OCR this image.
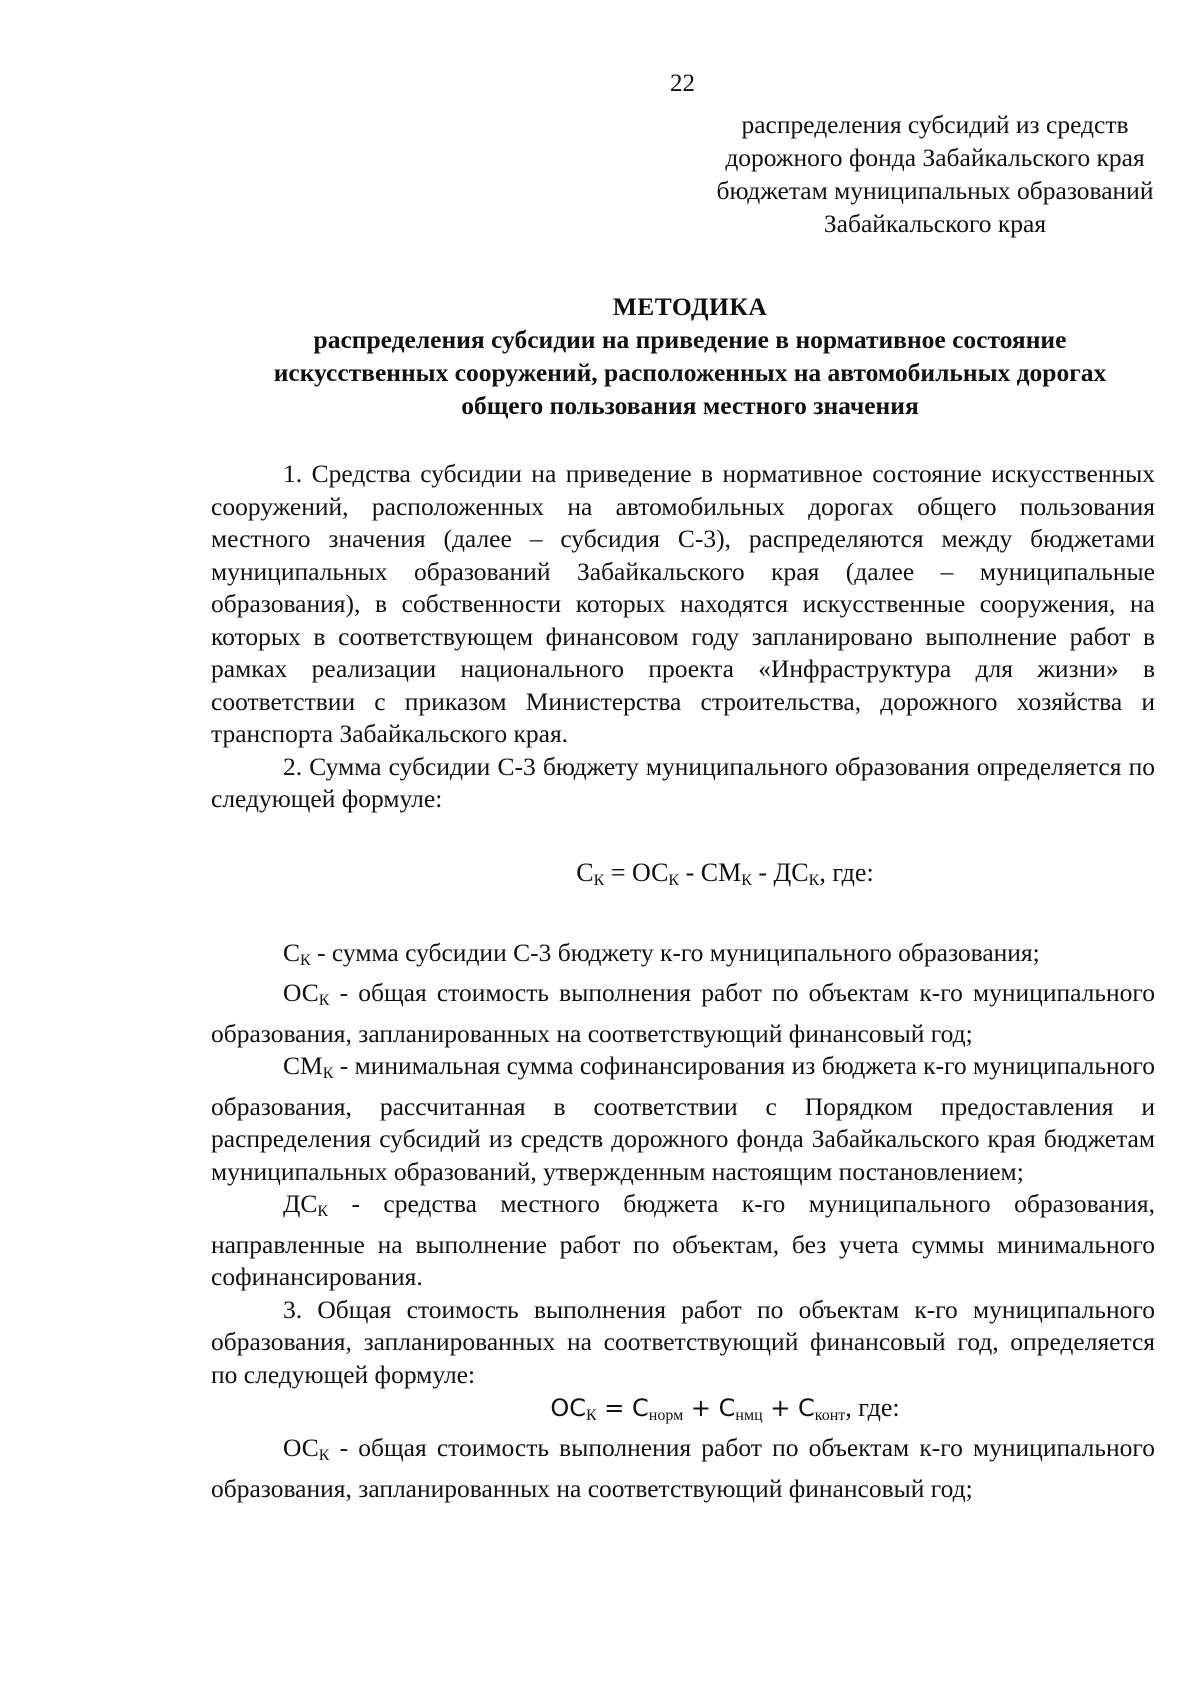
22
распределения субсидий из средств
дорожного фонда Забайкальского края
бюджетам муниципальных образований
Забайкальского края
МЕТОДИКА
распределения субсидии на приведение в нормативное состояние
искусственных сооружений, расположенных на автомобильных дорогах
общего пользования местного значения

1. Средства субсидии на приведение в нормативное состояние искусственных сооружений, расположенных на автомобильных дорогах общего пользования местного значения (далее – субсидия С-3), распределяются между бюджетами муниципальных образований Забайкальского края (далее – муниципальные образования), в собственности которых находятся искусственные сооружения, на которых в соответствующем финансовом году запланировано выполнение работ в рамках реализации национального проекта «Инфраструктура для жизни» в соответствии с приказом Министерства строительства, дорожного хозяйства и транспорта Забайкальского края.

2. Сумма субсидии С-3 бюджету муниципального образования определяется по следующей формуле:

$С_К = ОС_К - СМ_К - ДС_К$, где:

$С_К$ - сумма субсидии С-3 бюджету к-го муниципального образования;

$ОС_К$ - общая стоимость выполнения работ по объектам к-го муниципального образования, запланированных на соответствующий финансовый год;

$СМ_К$ - минимальная сумма софинансирования из бюджета к-го муниципального образования, рассчитанная в соответствии с Порядком предоставления и распределения субсидий из средств дорожного фонда Забайкальского края бюджетам муниципальных образований, утвержденным настоящим постановлением;

$ДС_К$ - средства местного бюджета к-го муниципального образования, направленные на выполнение работ по объектам, без учета суммы минимального софинансирования.

3. Общая стоимость выполнения работ по объектам к-го муниципального образования, запланированных на соответствующий финансовый год, определяется по следующей формуле:

$ОС_К = С_{норм} + С_{нмц} + С_{конт}$, где:

$ОС_К$ - общая стоимость выполнения работ по объектам к-го муниципального образования, запланированных на соответствующий финансовый год;
